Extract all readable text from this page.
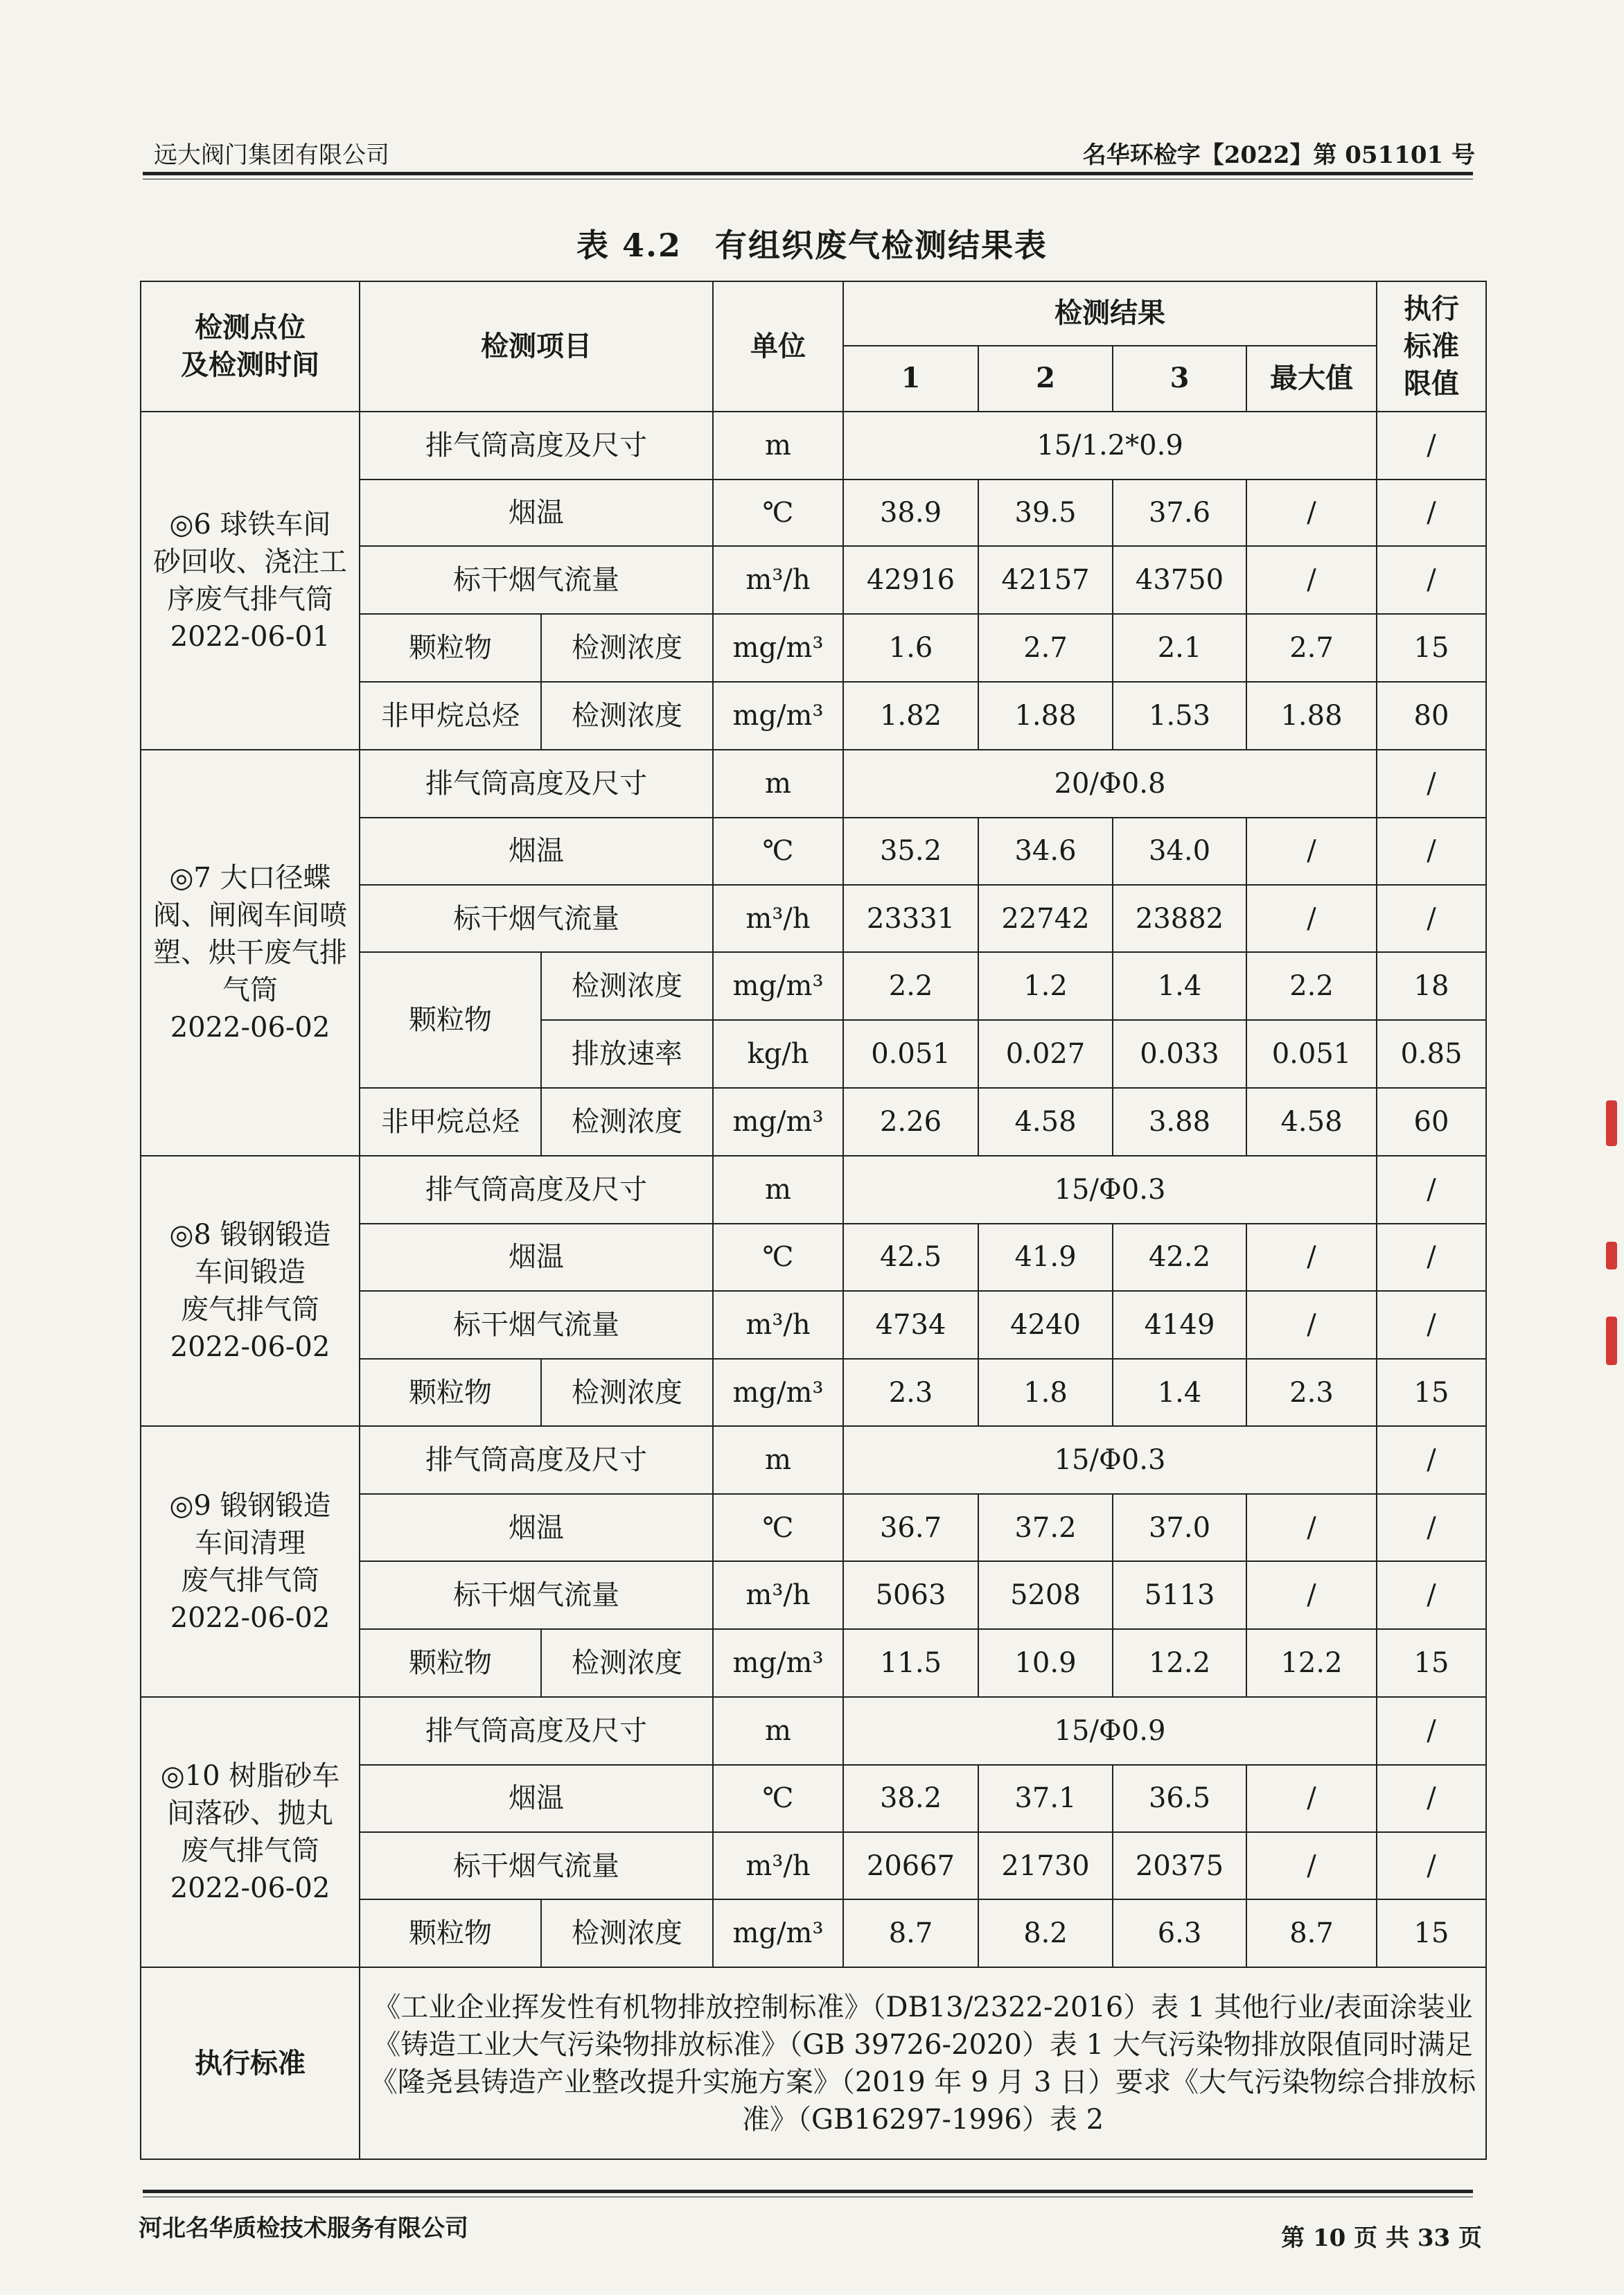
远大阀门集团有限公司	名华环检字【2022】第 051101 号
表 4.2　有组织废气检测结果表
检测点位
及检测时间	检测项目		单位	检测结果				执行
标准
限值
				1	2	3	最大值	
◎6 球铁车间
砂回收、浇注工
序废气排气筒
2022-06-01	排气筒高度及尺寸		m	15/1.2*0.9				/
	烟温		℃	38.9	39.5	37.6	/	/
	标干烟气流量		m³/h	42916	42157	43750	/	/
	颗粒物	检测浓度	mg/m³	1.6	2.7	2.1	2.7	15
	非甲烷总烃	检测浓度	mg/m³	1.82	1.88	1.53	1.88	80
◎7 大口径蝶
阀、闸阀车间喷
塑、烘干废气排
气筒
2022-06-02	排气筒高度及尺寸		m	20/Φ0.8				/
	烟温		℃	35.2	34.6	34.0	/	/
	标干烟气流量		m³/h	23331	22742	23882	/	/
	颗粒物	检测浓度	mg/m³	2.2	1.2	1.4	2.2	18
		排放速率	kg/h	0.051	0.027	0.033	0.051	0.85
	非甲烷总烃	检测浓度	mg/m³	2.26	4.58	3.88	4.58	60
◎8 锻钢锻造
车间锻造
废气排气筒
2022-06-02	排气筒高度及尺寸		m	15/Φ0.3				/
	烟温		℃	42.5	41.9	42.2	/	/
	标干烟气流量		m³/h	4734	4240	4149	/	/
	颗粒物	检测浓度	mg/m³	2.3	1.8	1.4	2.3	15
◎9 锻钢锻造
车间清理
废气排气筒
2022-06-02	排气筒高度及尺寸		m	15/Φ0.3				/
	烟温		℃	36.7	37.2	37.0	/	/
	标干烟气流量		m³/h	5063	5208	5113	/	/
	颗粒物	检测浓度	mg/m³	11.5	10.9	12.2	12.2	15
◎10 树脂砂车
间落砂、抛丸
废气排气筒
2022-06-02	排气筒高度及尺寸		m	15/Φ0.9				/
	烟温		℃	38.2	37.1	36.5	/	/
	标干烟气流量		m³/h	20667	21730	20375	/	/
	颗粒物	检测浓度	mg/m³	8.7	8.2	6.3	8.7	15
执行标准	《工业企业挥发性有机物排放控制标准》（DB13/2322-2016）表 1 其他行业/表面涂装业《铸造工业大气污染物排放标准》（GB 39726-2020）表 1 大气污染物排放限值同时满足《隆尧县铸造产业整改提升实施方案》（2019 年 9 月 3 日）要求《大气污染物综合排放标准》（GB16297-1996）表 2							
河北名华质检技术服务有限公司	第 10 页 共 33 页
